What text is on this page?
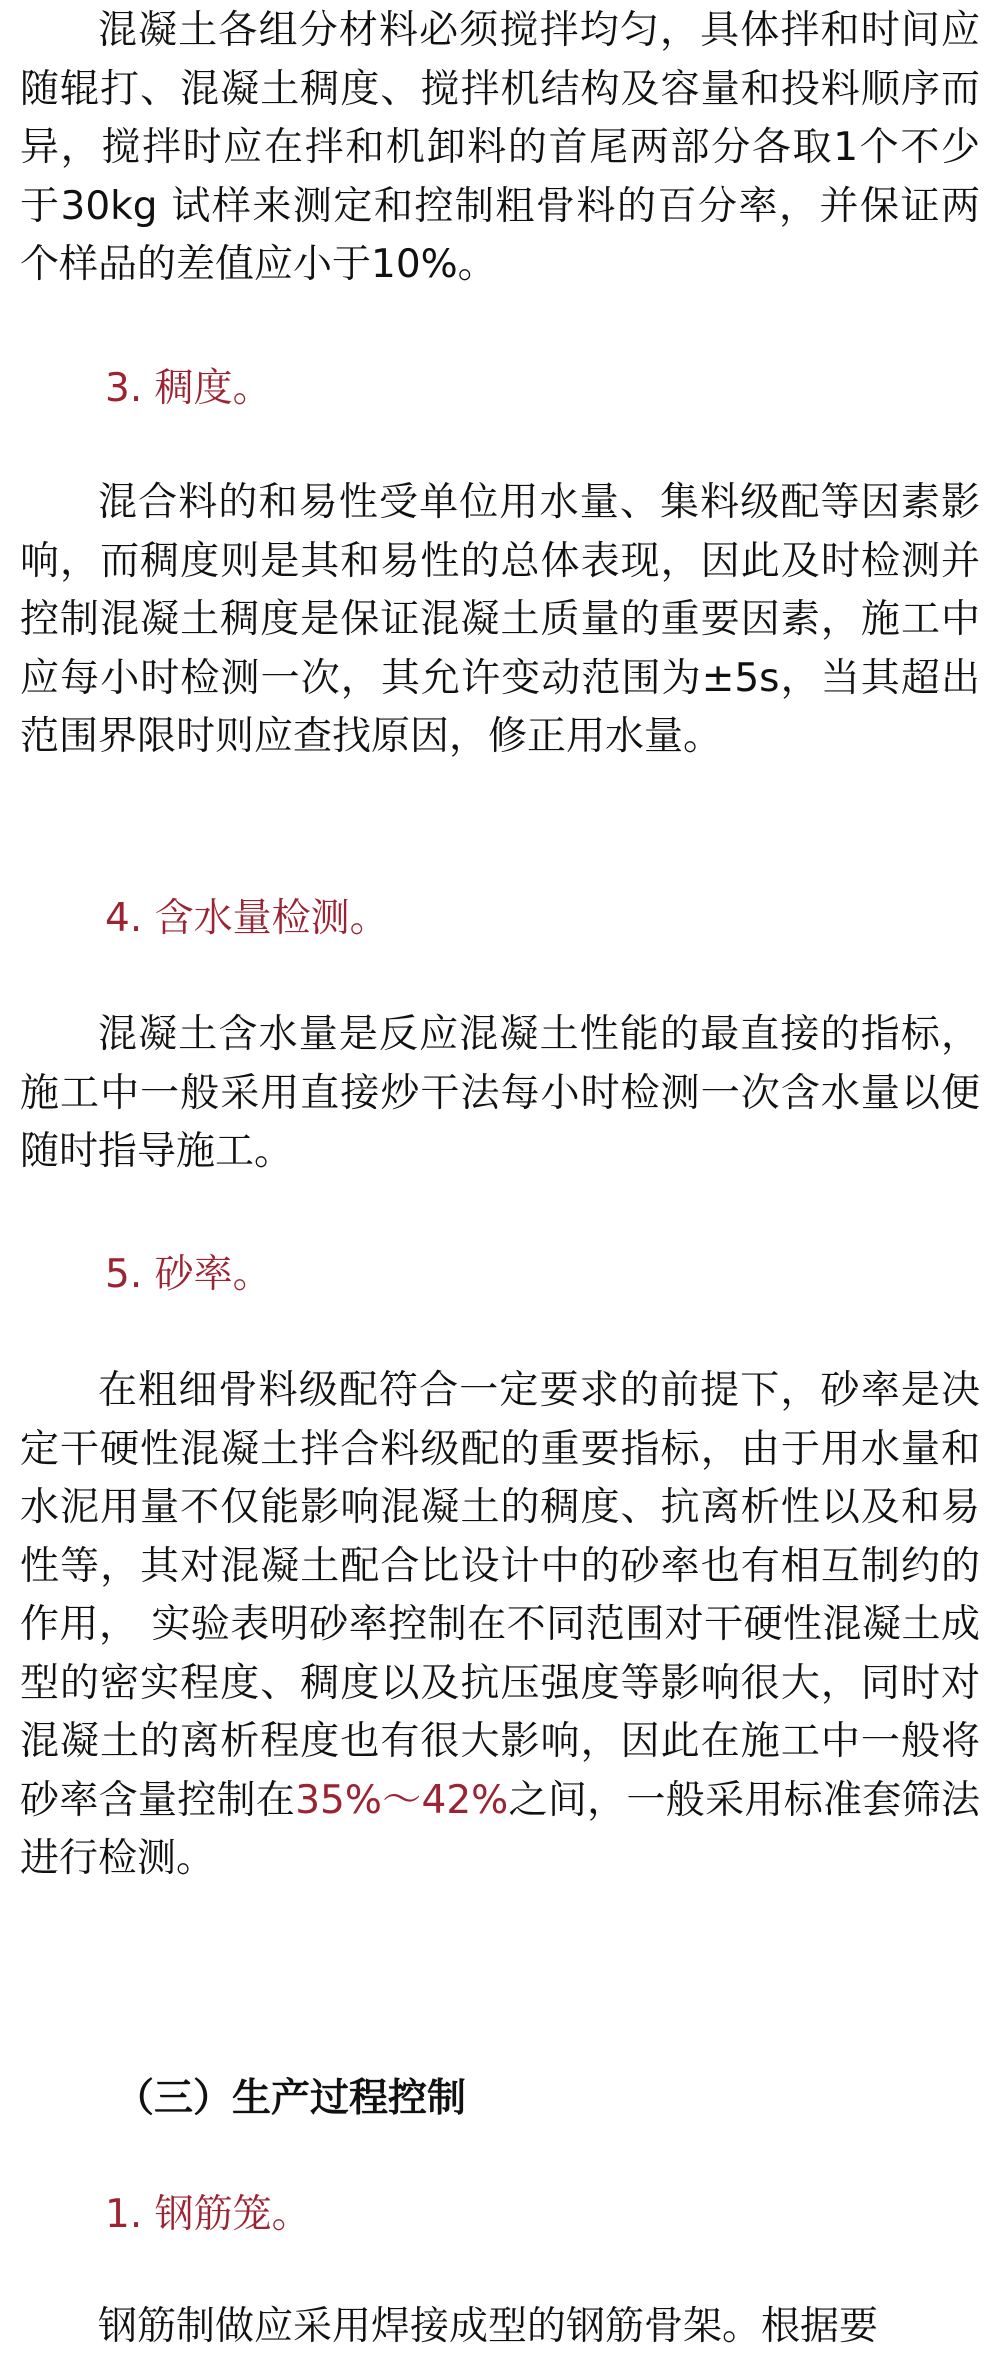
混凝土各组分材料必须搅拌均匀，具体拌和时间应随辊打、混凝土稠度、搅拌机结构及容量和投料顺序而异，搅拌时应在拌和机卸料的首尾两部分各取1个不少于30kg 试样来测定和控制粗骨料的百分率，并保证两个样品的差值应小于10%。

3. 稠度。

混合料的和易性受单位用水量、集料级配等因素影响，而稠度则是其和易性的总体表现，因此及时检测并控制混凝土稠度是保证混凝土质量的重要因素，施工中应每小时检测一次，其允许变动范围为±5s，当其超出范围界限时则应查找原因，修正用水量。

4. 含水量检测。

混凝土含水量是反应混凝土性能的最直接的指标，施工中一般采用直接炒干法每小时检测一次含水量以便随时指导施工。

5. 砂率。

在粗细骨料级配符合一定要求的前提下，砂率是决定干硬性混凝土拌合料级配的重要指标，由于用水量和水泥用量不仅能影响混凝土的稠度、抗离析性以及和易性等，其对混凝土配合比设计中的砂率也有相互制约的作用， 实验表明砂率控制在不同范围对干硬性混凝土成型的密实程度、稠度以及抗压强度等影响很大，同时对混凝土的离析程度也有很大影响，因此在施工中一般将砂率含量控制在35%～42%之间，一般采用标准套筛法进行检测。

（三）生产过程控制

1. 钢筋笼。

钢筋制做应采用焊接成型的钢筋骨架。根据要
